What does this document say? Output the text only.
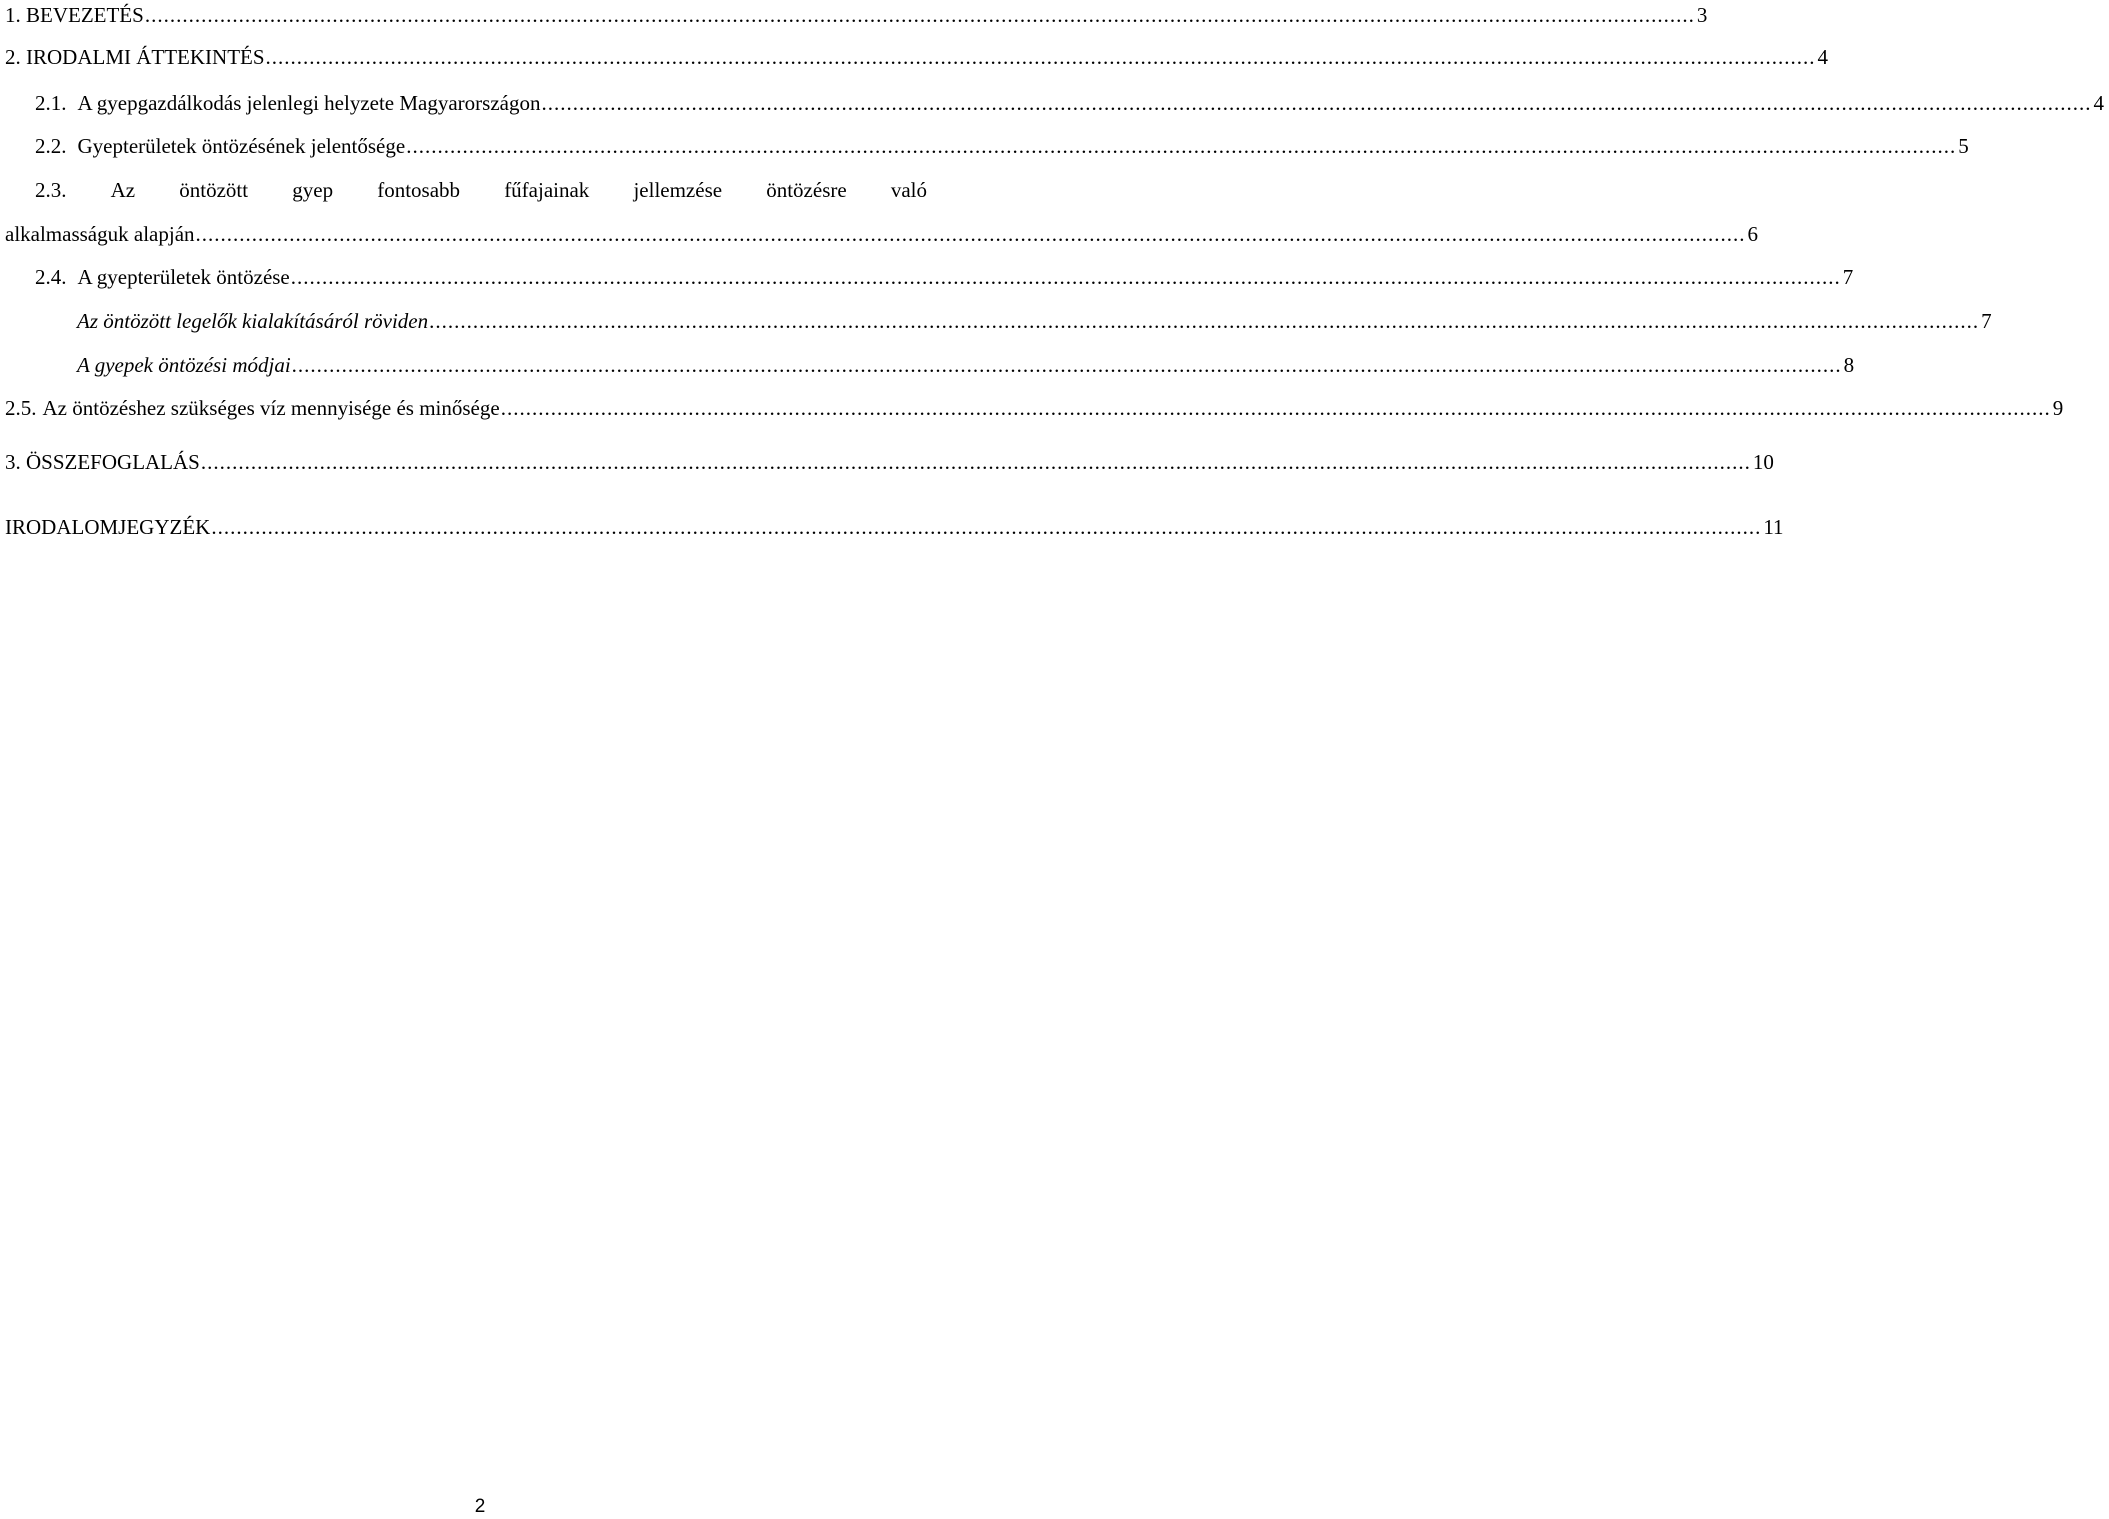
1. BEVEZETÉS .....	3
2. IRODALMI ÁTTEKINTÉS .....	4
2.1. A gyepgazdálkodás jelenlegi helyzete Magyarországon .....	4
2.2. Gyepterületek öntözésének jelentősége .....	5
2.3. Az öntözött gyep fontosabb fűfajainak jellemzése öntözésre való
alkalmasságuk alapján .....	6
2.4. A gyepterületek öntözése .....	7
Az öntözött legelők kialakításáról röviden .....	7
A gyepek öntözési módjai .....	8
2.5. Az öntözéshez szükséges víz mennyisége és minősége .....	9
3. ÖSSZEFOGLALÁS .....	10
IRODALOMJEGYZÉK .....	11
2
